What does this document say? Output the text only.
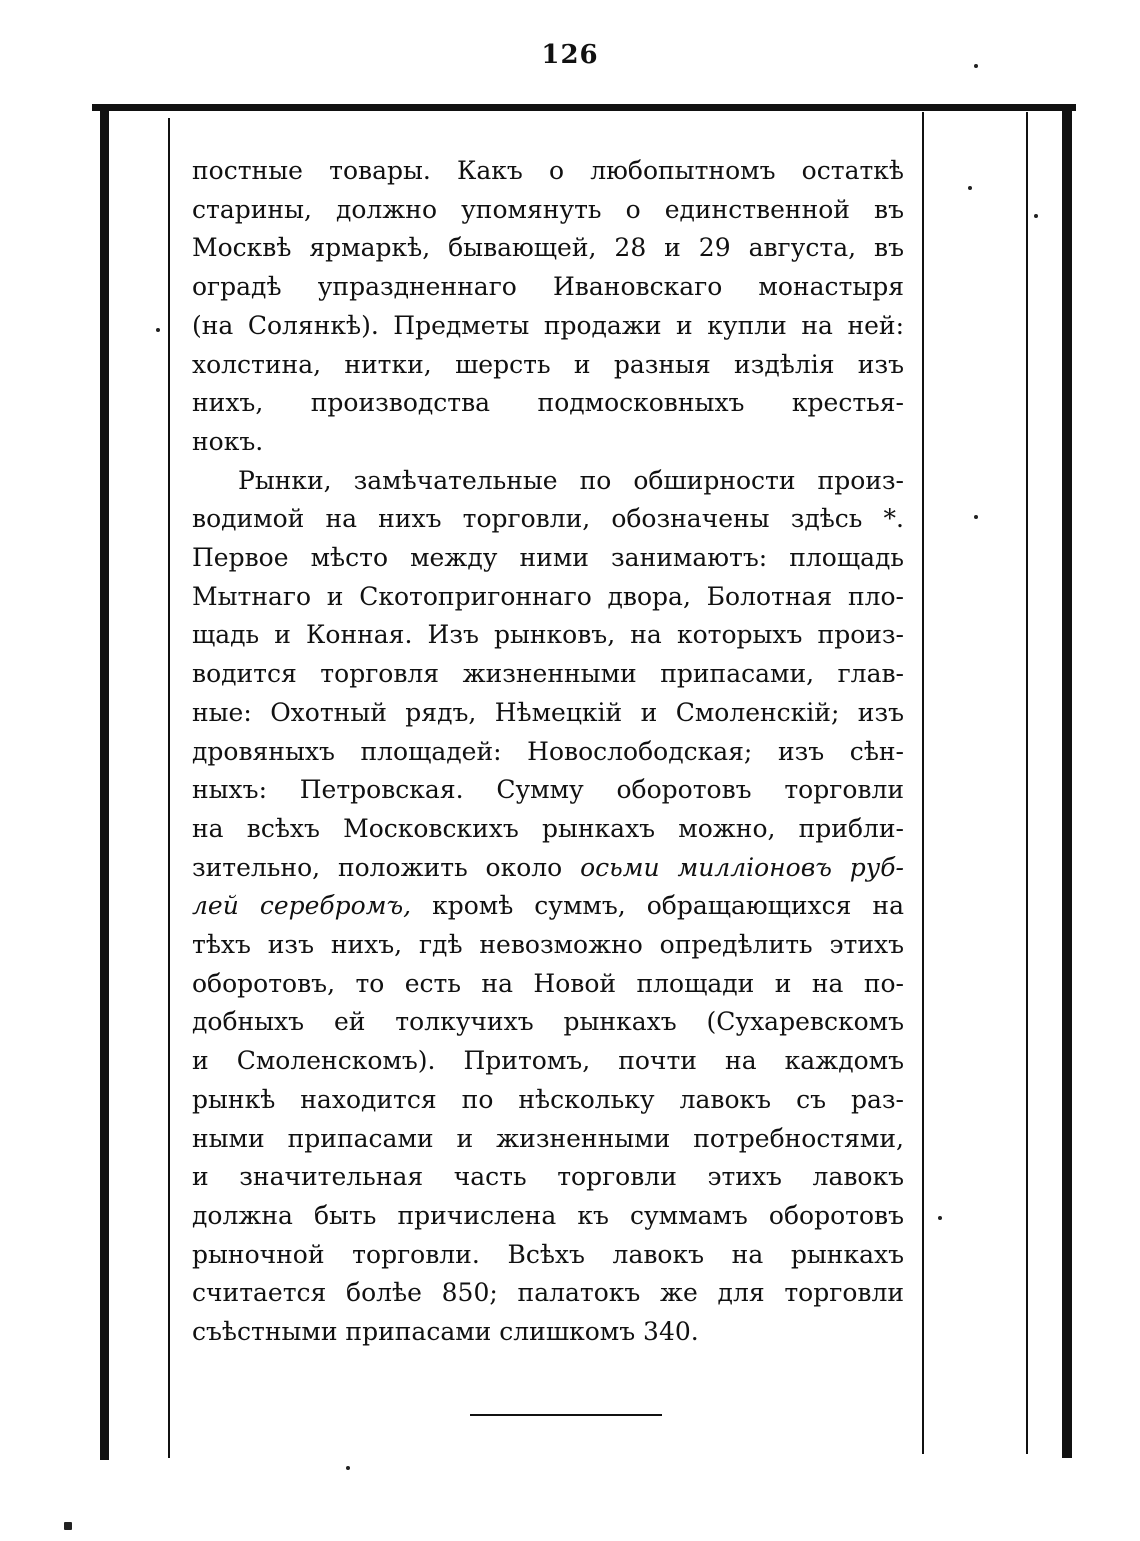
126
постные товары. Какъ о любопытномъ остаткѣ
старины, должно упомянуть о единственной въ
Москвѣ ярмаркѣ, бывающей, 28 и 29 августа, въ
оградѣ упраздненнаго Ивановскаго монастыря
(на Солянкѣ). Предметы продажи и купли на ней:
холстина, нитки, шерсть и разныя издѣлія изъ
нихъ, производства подмосковныхъ крестья-
нокъ.
Рынки, замѣчательные по обширности произ-
водимой на нихъ торговли, обозначены здѣсь *.
Первое мѣсто между ними занимаютъ: площадь
Мытнаго и Скотопригоннаго двора, Болотная пло-
щадь и Конная. Изъ рынковъ, на которыхъ произ-
водится торговля жизненными припасами, глав-
ные: Охотный рядъ, Нѣмецкій и Смоленскій; изъ
дровяныхъ площадей: Новослободская; изъ сѣн-
ныхъ: Петровская. Сумму оборотовъ торговли
на всѣхъ Московскихъ рынкахъ можно, прибли-
зительно, положить около осьми милліоновъ руб-
лей серебромъ, кромѣ суммъ, обращающихся на
тѣхъ изъ нихъ, гдѣ невозможно опредѣлить этихъ
оборотовъ, то есть на Новой площади и на по-
добныхъ ей толкучихъ рынкахъ (Сухаревскомъ
и Смоленскомъ). Притомъ, почти на каждомъ
рынкѣ находится по нѣскольку лавокъ съ раз-
ными припасами и жизненными потребностями,
и значительная часть торговли этихъ лавокъ
должна быть причислена къ суммамъ оборотовъ
рыночной торговли. Всѣхъ лавокъ на рынкахъ
считается болѣе 850; палатокъ же для торговли
съѣстными припасами слишкомъ 340.
